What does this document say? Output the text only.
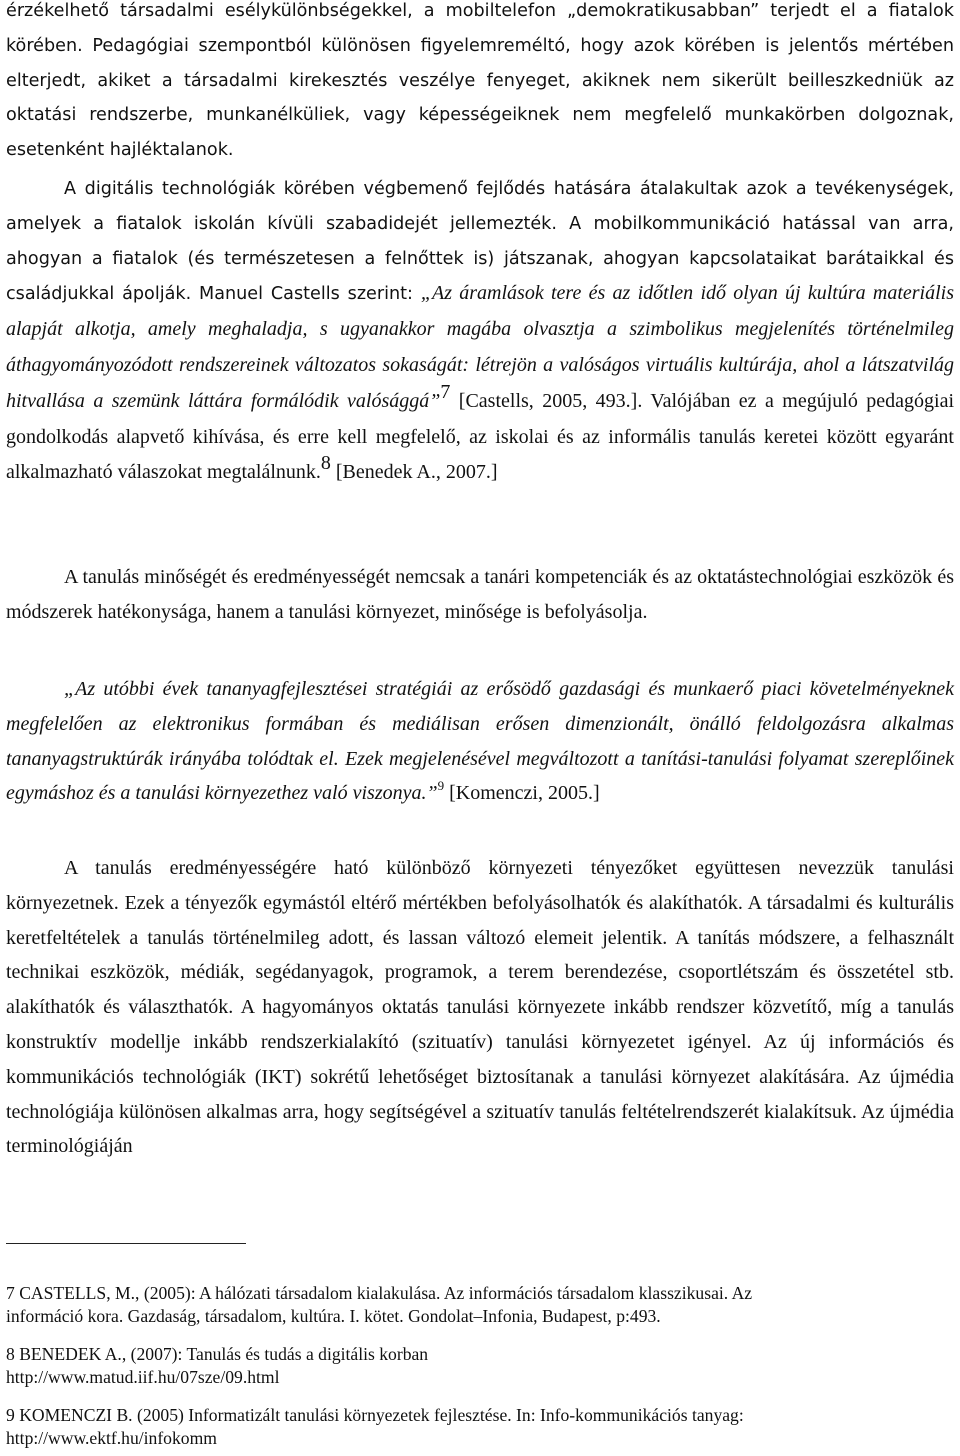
érzékelhető társadalmi esélykülönbségekkel, a mobiltelefon „demokratikusabban” terjedt el a fiatalok körében. Pedagógiai szempontból különösen figyelemreméltó, hogy azok körében is jelentős mértében elterjedt, akiket a társadalmi kirekesztés veszélye fenyeget, akiknek nem sikerült beilleszkedniük az oktatási rendszerbe, munkanélküliek, vagy képességeiknek nem megfelelő munkakörben dolgoznak, esetenként hajléktalanok.

A digitális technológiák körében végbemenő fejlődés hatására átalakultak azok a tevékenységek, amelyek a fiatalok iskolán kívüli szabadidejét jellemezték. A mobilkommunikáció hatással van arra, ahogyan a fiatalok (és természetesen a felnőttek is) játszanak, ahogyan kapcsolataikat barátaikkal és családjukkal ápolják. Manuel Castells szerint: „Az áramlások tere és az időtlen idő olyan új kultúra materiális alapját alkotja, amely meghaladja, s ugyanakkor magába olvasztja a szimbolikus megjelenítés történelmileg áthagyományozódott rendszereinek változatos sokaságát: létrejön a valóságos virtuális kultúrája, ahol a látszatvilág hitvallása a szemünk láttára formálódik valósággá”$^7$ [Castells, 2005, 493.]. Valójában ez a megújuló pedagógiai gondolkodás alapvető kihívása, és erre kell megfelelő, az iskolai és az informális tanulás keretei között egyaránt alkalmazható válaszokat megtalálnunk.$^8$ [Benedek A., 2007.]

A tanulás minőségét és eredményességét nemcsak a tanári kompetenciák és az oktatástechnológiai eszközök és módszerek hatékonysága, hanem a tanulási környezet, minősége is befolyásolja.

„Az utóbbi évek tananyagfejlesztései stratégiái az erősödő gazdasági és munkaerő piaci követelményeknek megfelelően az elektronikus formában és mediálisan erősen dimenzionált, önálló feldolgozásra alkalmas tananyagstruktúrák irányába tolódtak el. Ezek megjelenésével megváltozott a tanítási-tanulási folyamat szereplőinek egymáshoz és a tanulási környezethez való viszonya.”$^9$ [Komenczi, 2005.]

A tanulás eredményességére ható különböző környezeti tényezőket együttesen nevezzük tanulási környezetnek. Ezek a tényezők egymástól eltérő mértékben befolyásolhatók és alakíthatók. A társadalmi és kulturális keretfeltételek a tanulás történelmileg adott, és lassan változó elemeit jelentik. A tanítás módszere, a felhasznált technikai eszközök, médiák, segédanyagok, programok, a terem berendezése, csoportlétszám és összetétel stb. alakíthatók és választhatók. A hagyományos oktatás tanulási környezete inkább rendszer közvetítő, míg a tanulás konstruktív modellje inkább rendszerkialakító (szituatív) tanulási környezetet igényel. Az új információs és kommunikációs technológiák (IKT) sokrétű lehetőséget biztosítanak a tanulási környezet alakítására. Az újmédia technológiája különösen alkalmas arra, hogy segítségével a szituatív tanulás feltételrendszerét kialakítsuk. Az újmédia terminológiáján

7 CASTELLS, M., (2005): A hálózati társadalom kialakulása. Az információs társadalom klasszikusai. Az
információ kora. Gazdaság, társadalom, kultúra. I. kötet. Gondolat–Infonia, Budapest, p:493.

8 BENEDEK A., (2007): Tanulás és tudás a digitális korban
http://www.matud.iif.hu/07sze/09.html

9 KOMENCZI B. (2005) Informatizált tanulási környezetek fejlesztése. In: Info-kommunikációs tanyag:
http://www.ektf.hu/infokomm
